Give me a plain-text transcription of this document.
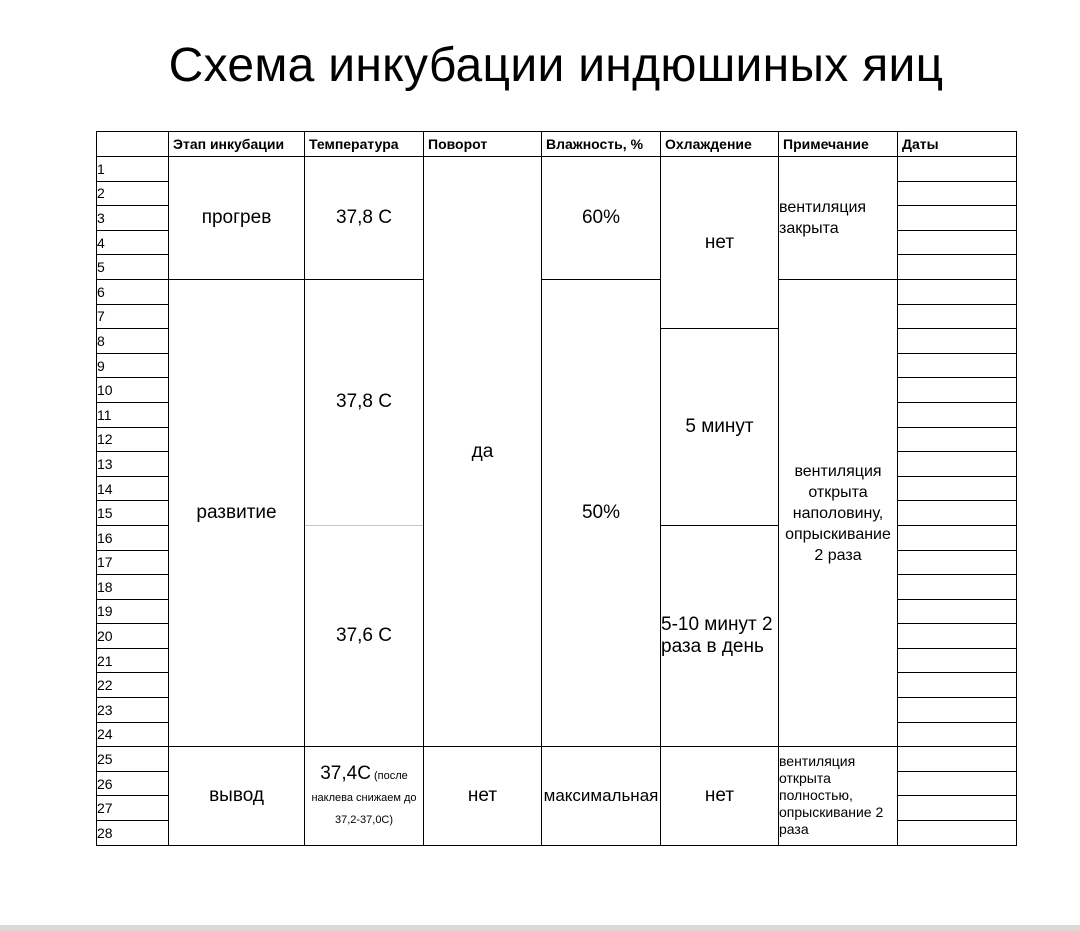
Схема инкубации индюшиных яиц
	Этап инкубации	Температура	Поворот	Влажность, %	Охлаждение	Примечание	Даты
1	прогрев	37,8 С	да	60%	нет	вентиляция закрыта	
2							
3							
4							
5							
6	развитие	37,8 С		50%		вентиляция открыта наполовину, опрыскивание 2 раза	
7							
8					5 минут		
9							
10							
11							
12							
13							
14							
15							
16		37,6 С			5-10 минут 2 раза в день		
17							
18							
19							
20							
21							
22							
23							
24							
25	вывод	37,4С (после наклева снижаем до 37,2-37,0С)	нет	максимальная	нет	вентиляция открыта полностью, опрыскивание 2 раза	
26							
27							
28							
